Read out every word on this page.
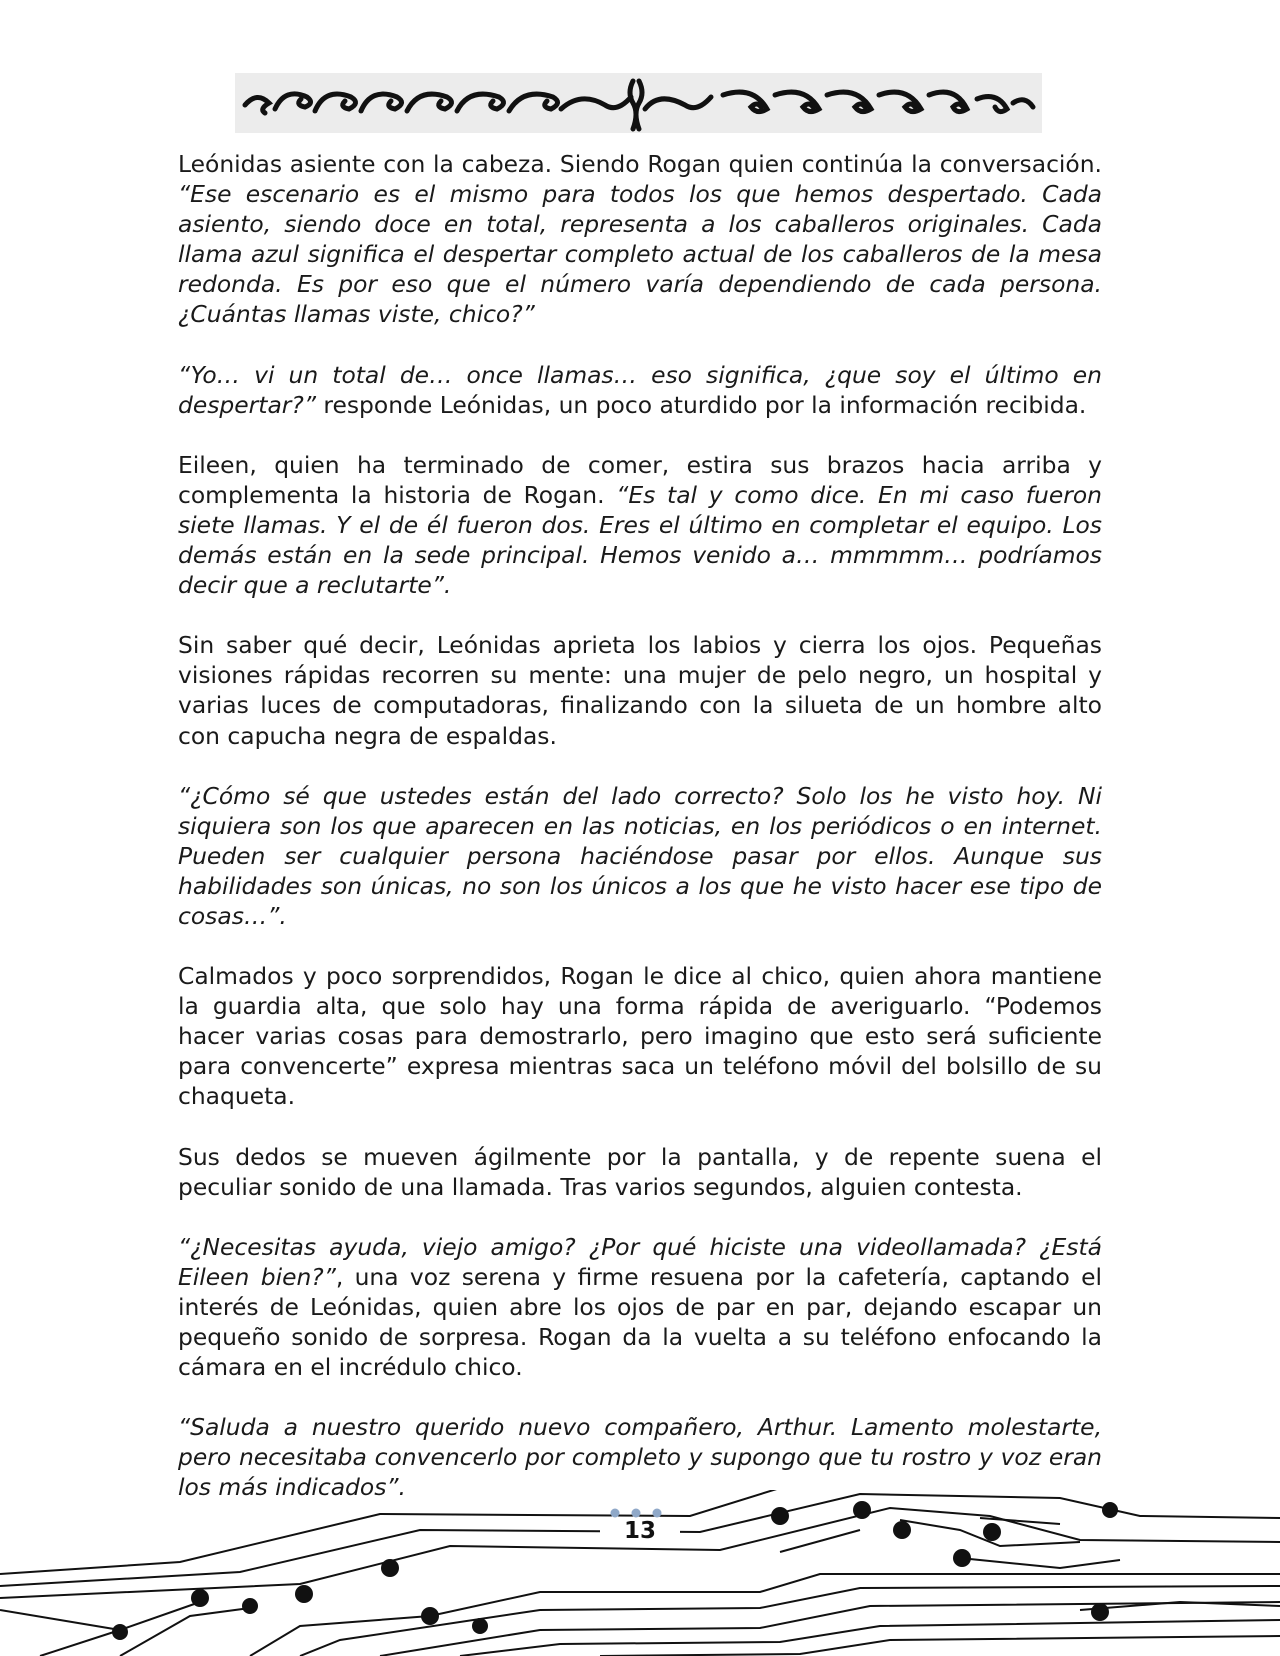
Leónidas asiente con la cabeza. Siendo Rogan quien continúa la conversación. “Ese escenario es el mismo para todos los que hemos despertado. Cada asiento, siendo doce en total, representa a los caballeros originales. Cada llama azul significa el despertar completo actual de los caballeros de la mesa redonda. Es por eso que el número varía dependiendo de cada persona. ¿Cuántas llamas viste, chico?”

“Yo… vi un total de… once llamas… eso significa, ¿que soy el último en despertar?” responde Leónidas, un poco aturdido por la información recibida.

Eileen, quien ha terminado de comer, estira sus brazos hacia arriba y complementa la historia de Rogan. “Es tal y como dice. En mi caso fueron siete llamas. Y el de él fueron dos. Eres el último en completar el equipo. Los demás están en la sede principal. Hemos venido a… mmmmm… podríamos decir que a reclutarte”.

Sin saber qué decir, Leónidas aprieta los labios y cierra los ojos. Pequeñas visiones rápidas recorren su mente: una mujer de pelo negro, un hospital y varias luces de computadoras, finalizando con la silueta de un hombre alto con capucha negra de espaldas.

“¿Cómo sé que ustedes están del lado correcto? Solo los he visto hoy. Ni siquiera son los que aparecen en las noticias, en los periódicos o en internet. Pueden ser cualquier persona haciéndose pasar por ellos. Aunque sus habilidades son únicas, no son los únicos a los que he visto hacer ese tipo de cosas…”.

Calmados y poco sorprendidos, Rogan le dice al chico, quien ahora mantiene la guardia alta, que solo hay una forma rápida de averiguarlo. “Podemos hacer varias cosas para demostrarlo, pero imagino que esto será suficiente para convencerte” expresa mientras saca un teléfono móvil del bolsillo de su chaqueta.

Sus dedos se mueven ágilmente por la pantalla, y de repente suena el peculiar sonido de una llamada. Tras varios segundos, alguien contesta.

“¿Necesitas ayuda, viejo amigo? ¿Por qué hiciste una videollamada? ¿Está Eileen bien?”, una voz serena y firme resuena por la cafetería, captando el interés de Leónidas, quien abre los ojos de par en par, dejando escapar un pequeño sonido de sorpresa. Rogan da la vuelta a su teléfono enfocando la cámara en el incrédulo chico.

“Saluda a nuestro querido nuevo compañero, Arthur. Lamento molestarte, pero necesitaba convencerlo por completo y supongo que tu rostro y voz eran los más indicados”.

13
